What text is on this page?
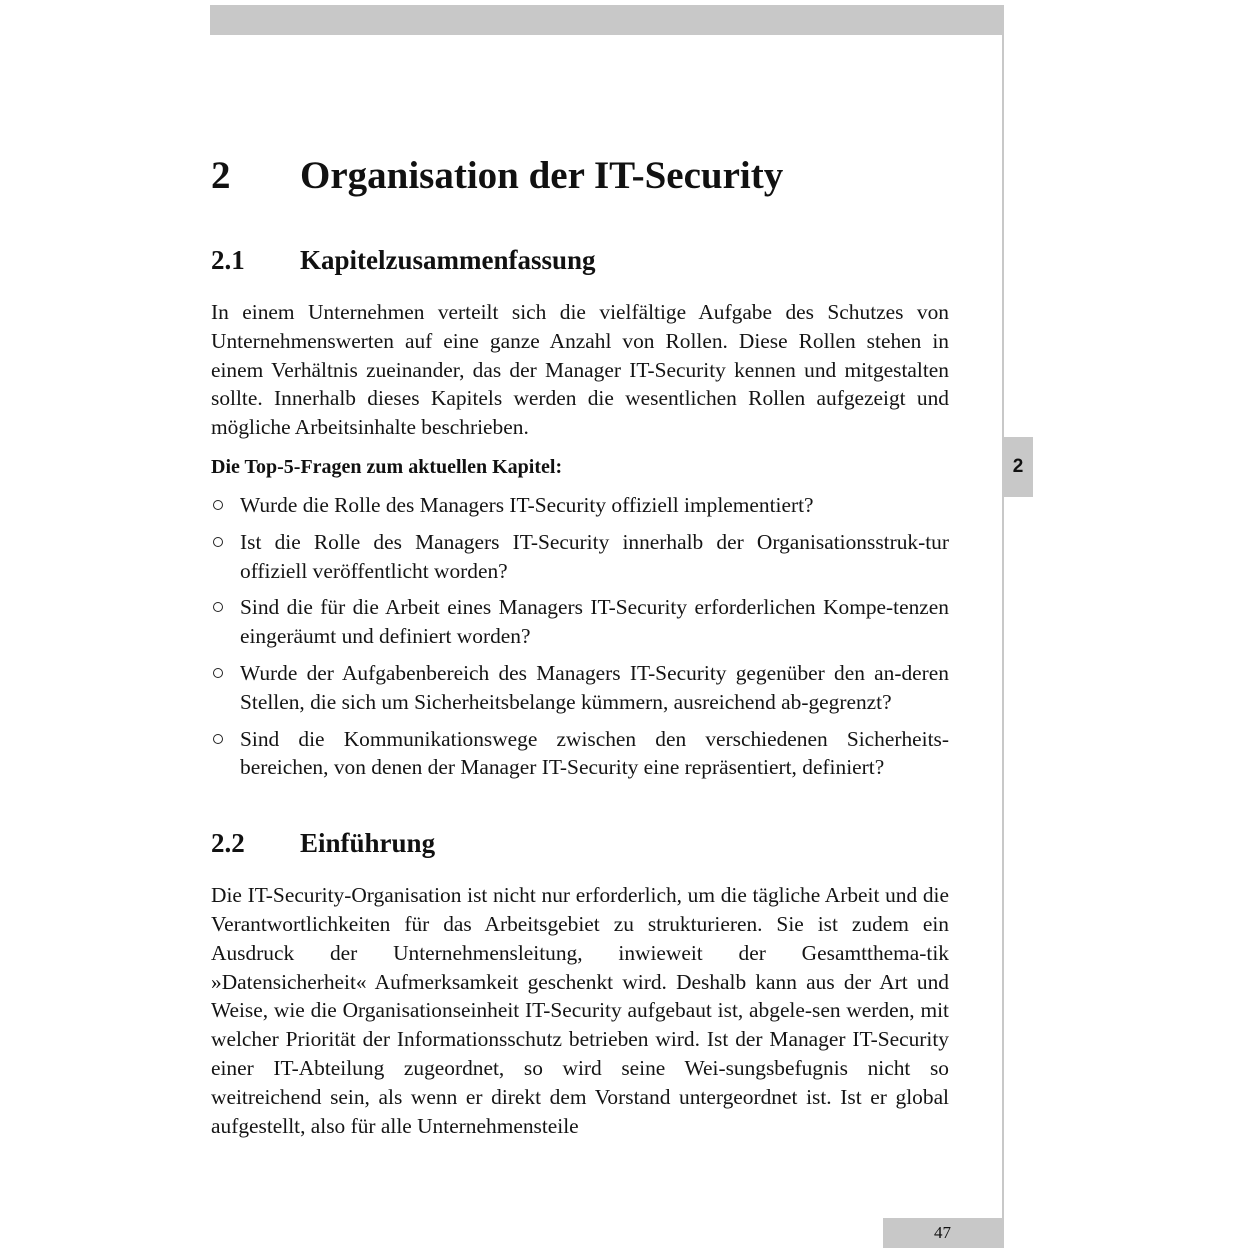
2
2	Organisation der IT-Security
2.1	Kapitelzusammenfassung

In einem Unternehmen verteilt sich die vielfältige Aufgabe des Schutzes von Unternehmenswerten auf eine ganze Anzahl von Rollen. Diese Rollen stehen in einem Verhältnis zueinander, das der Manager IT-Security kennen und mitgestalten sollte. Innerhalb dieses Kapitels werden die wesentlichen Rollen aufgezeigt und mögliche Arbeitsinhalte beschrieben.

Die Top-5-Fragen zum aktuellen Kapitel:
Wurde die Rolle des Managers IT-Security offiziell implementiert?
Ist die Rolle des Managers IT-Security innerhalb der Organisationsstruk-tur offiziell veröffentlicht worden?
Sind die für die Arbeit eines Managers IT-Security erforderlichen Kompe-tenzen eingeräumt und definiert worden?
Wurde der Aufgabenbereich des Managers IT-Security gegenüber den an-deren Stellen, die sich um Sicherheitsbelange kümmern, ausreichend ab-gegrenzt?
Sind die Kommunikationswege zwischen den verschiedenen Sicherheits-bereichen, von denen der Manager IT-Security eine repräsentiert, definiert?
2.2	Einführung

Die IT-Security-Organisation ist nicht nur erforderlich, um die tägliche Arbeit und die Verantwortlichkeiten für das Arbeitsgebiet zu strukturieren. Sie ist zudem ein Ausdruck der Unternehmensleitung, inwieweit der Gesamtthema-tik »Datensicherheit« Aufmerksamkeit geschenkt wird. Deshalb kann aus der Art und Weise, wie die Organisationseinheit IT-Security aufgebaut ist, abgele-sen werden, mit welcher Priorität der Informationsschutz betrieben wird. Ist der Manager IT-Security einer IT-Abteilung zugeordnet, so wird seine Wei-sungsbefugnis nicht so weitreichend sein, als wenn er direkt dem Vorstand untergeordnet ist. Ist er global aufgestellt, also für alle Unternehmensteile

47
